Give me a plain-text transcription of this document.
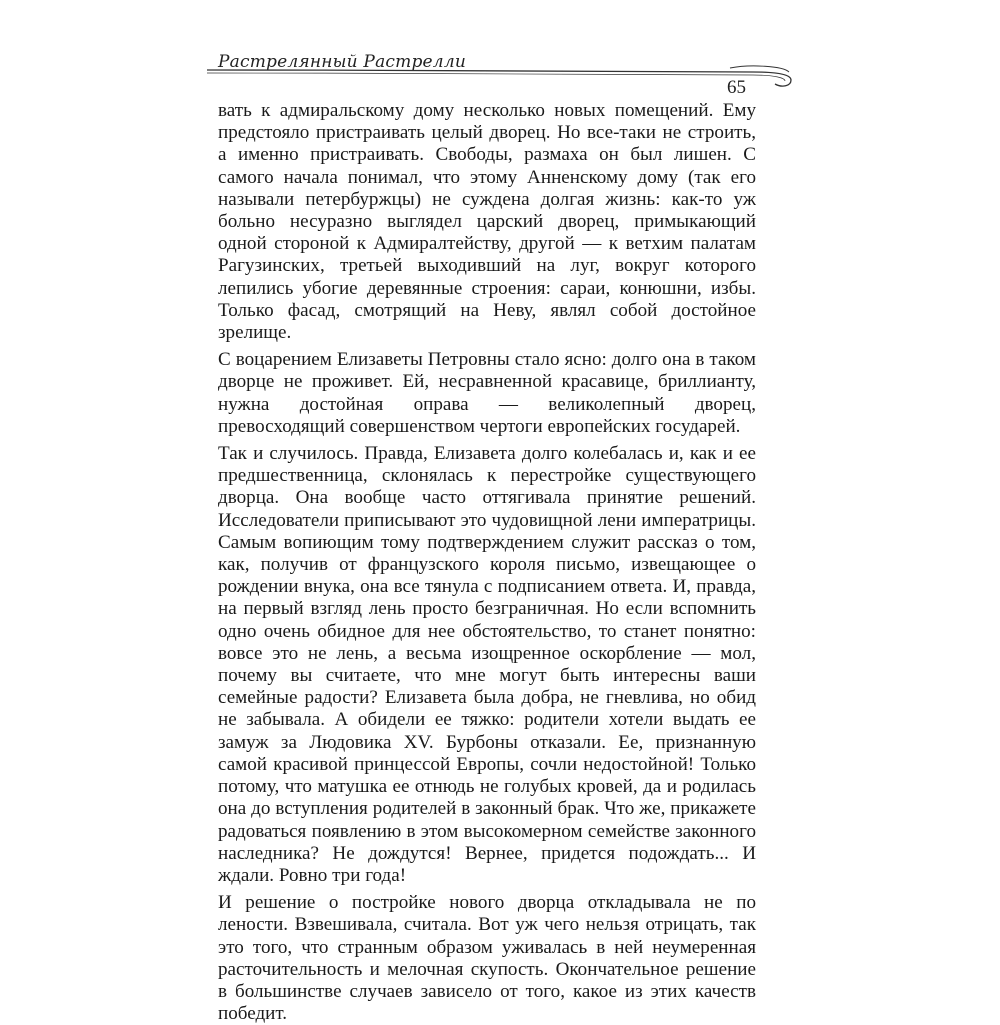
Растрелянный Растрелли
65

вать к адмиральскому дому несколько новых помещений. Ему предстояло пристраивать целый дворец. Но все-таки не строить, а именно пристраивать. Свободы, размаха он был лишен. С самого начала понимал, что этому Анненскому дому (так его называли петербуржцы) не суждена долгая жизнь: как-то уж больно несуразно выглядел царский дворец, примыкающий одной стороной к Адмиралтейству, другой — к ветхим палатам Рагузинских, третьей выходивший на луг, вокруг которого лепились убогие деревянные строения: сараи, конюшни, избы. Только фасад, смотрящий на Неву, являл собой достойное зрелище.

С воцарением Елизаветы Петровны стало ясно: долго она в таком дворце не проживет. Ей, несравненной красавице, бриллианту, нужна достойная оправа — великолепный дворец, превосходящий совершенством чертоги европейских государей.

Так и случилось. Правда, Елизавета долго колебалась и, как и ее предшественница, склонялась к перестройке существующего дворца. Она вообще часто оттягивала принятие решений. Исследователи приписывают это чудовищной лени императрицы. Самым вопиющим тому подтверждением служит рассказ о том, как, получив от французского короля письмо, извещающее о рождении внука, она все тянула с подписанием ответа. И, правда, на первый взгляд лень просто безграничная. Но если вспомнить одно очень обидное для нее обстоятельство, то станет понятно: вовсе это не лень, а весьма изощренное оскорбление — мол, почему вы считаете, что мне могут быть интересны ваши семейные радости? Елизавета была добра, не гневлива, но обид не забывала. А обидели ее тяжко: родители хотели выдать ее замуж за Людовика XV. Бурбоны отказали. Ее, признанную самой красивой принцессой Европы, сочли недостойной! Только потому, что матушка ее отнюдь не голубых кровей, да и родилась она до вступления родителей в законный брак. Что же, прикажете радоваться появлению в этом высокомерном семействе законного наследника? Не дождутся! Вернее, придется подождать... И ждали. Ровно три года!

И решение о постройке нового дворца откладывала не по лености. Взвешивала, считала. Вот уж чего нельзя отрицать, так это того, что странным образом уживалась в ней неумеренная расточительность и мелочная скупость. Окончательное решение в большинстве случаев зависело от того, какое из этих качеств победит.
